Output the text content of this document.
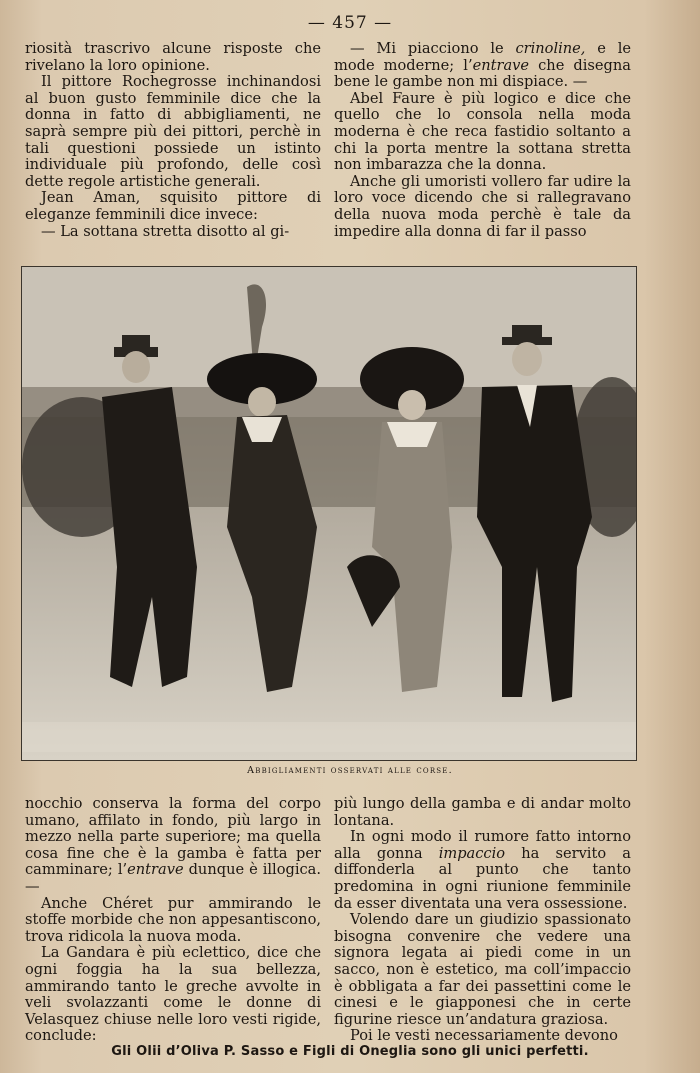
— 457 —

riosità trascrivo alcune risposte che rivelano la loro opinione.

Il pittore Rochegrosse inchinandosi al buon gusto femminile dice che la donna in fatto di abbigliamenti, ne saprà sempre più dei pittori, perchè in tali questioni possiede un istinto individuale più profondo, delle così dette regole artistiche generali.

Jean Aman, squisito pittore di eleganze femminili dice invece:

— La sottana stretta disotto al gi-

— Mi piacciono le crinoline, e le mode moderne; l’entrave che disegna bene le gambe non mi dispiace. —

Abel Faure è più logico e dice che quello che lo consola nella moda moderna è che reca fastidio soltanto a chi la porta mentre la sottana stretta non imbarazza che la donna.

Anche gli umoristi vollero far udire la loro voce dicendo che si rallegravano della nuova moda perchè è tale da impedire alla donna di far il passo

Abbigliamenti osservati alle corse.

nocchio conserva la forma del corpo umano, affilato in fondo, più largo in mezzo nella parte superiore; ma quella cosa fine che è la gamba è fatta per camminare; l’entrave dunque è illogica. —

Anche Chéret pur ammirando le stoffe morbide che non appesantiscono, trova ridicola la nuova moda.

La Gandara è più eclettico, dice che ogni foggia ha la sua bellezza, ammirando tanto le greche avvolte in veli svolazzanti come le donne di Velasquez chiuse nelle loro vesti rigide, conclude:

più lungo della gamba e di andar molto lontana.

In ogni modo il rumore fatto intorno alla gonna impaccio ha servito a diffonderla al punto che tanto predomina in ogni riunione femminile da esser diventata una vera ossessione.

Volendo dare un giudizio spassionato bisogna convenire che vedere una signora legata ai piedi come in un sacco, non è estetico, ma coll’impaccio è obbligata a far dei passettini come le cinesi e le giapponesi che in certe figurine riesce un’andatura graziosa.

Poi le vesti necessariamente devono

Gli Olii d’Oliva P. Sasso e Figli di Oneglia sono gli unici perfetti.
